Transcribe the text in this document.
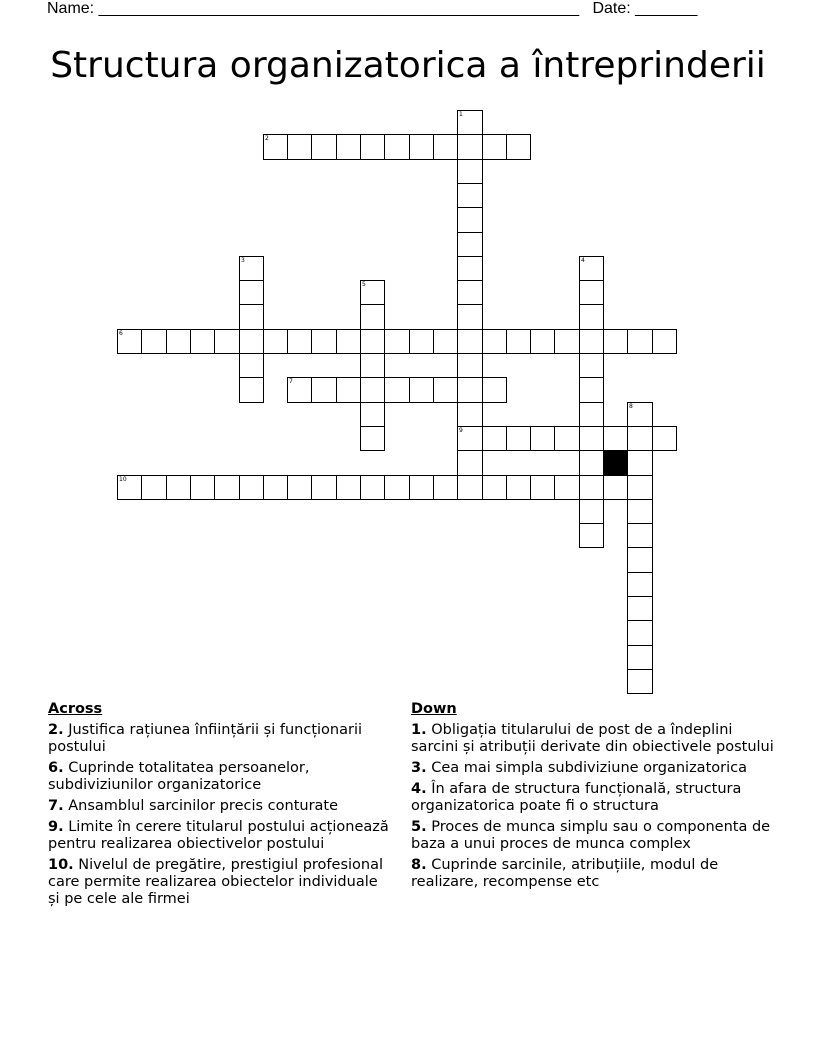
Name: ______________________________________________________ Date: _______
Structura organizatorica a întreprinderii
1
9
2
3	4
5
6
7
8
10
Across
2. Justifica rațiunea înființării și funcționarii postului
6. Cuprinde totalitatea persoanelor, subdiviziunilor organizatorice
7. Ansamblul sarcinilor precis conturate
9. Limite în cerere titularul postului acționează pentru realizarea obiectivelor postului
10. Nivelul de pregătire, prestigiul profesional care permite realizarea obiectelor individuale și pe cele ale firmei
Down
1. Obligația titularului de post de a îndeplini sarcini și atribuții derivate din obiectivele postului
3. Cea mai simpla subdiviziune organizatorica
4. În afara de structura funcțională, structura organizatorica poate fi o structura
5. Proces de munca simplu sau o componenta de baza a unui proces de munca complex
8. Cuprinde sarcinile, atribuțiile, modul de realizare, recompense etc
